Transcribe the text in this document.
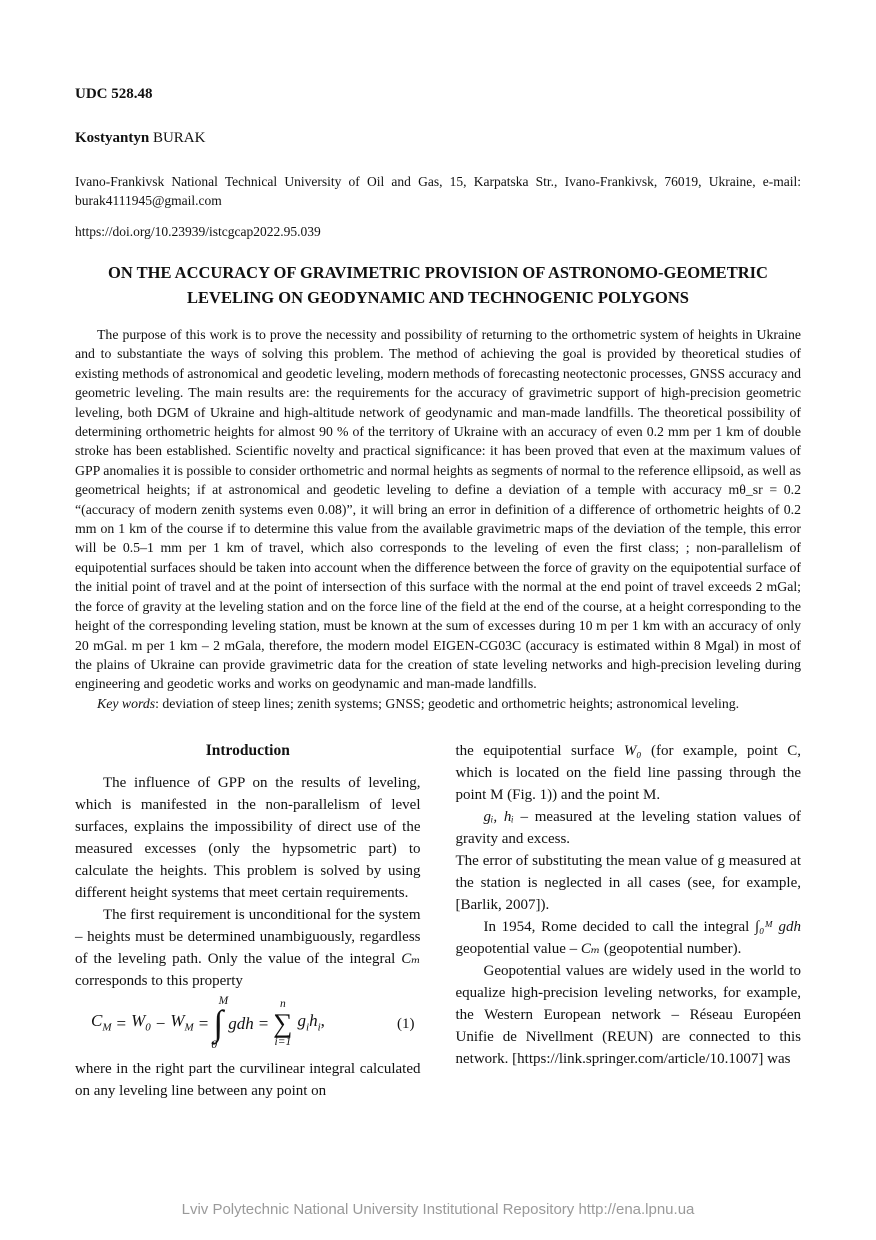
UDC 528.48
Kostyantyn BURAK

Ivano-Frankivsk National Technical University of Oil and Gas, 15, Karpatska Str., Ivano-Frankivsk, 76019, Ukraine, e-mail: burak4111945@gmail.com

https://doi.org/10.23939/istcgcap2022.95.039

ON THE ACCURACY OF GRAVIMETRIC PROVISION OF ASTRONOMO-GEOMETRIC LEVELING ON GEODYNAMIC AND TECHNOGENIC POLYGONS

The purpose of this work is to prove the necessity and possibility of returning to the orthometric system of heights in Ukraine and to substantiate the ways of solving this problem. The method of achieving the goal is provided by theoretical studies of existing methods of astronomical and geodetic leveling, modern methods of forecasting neotectonic processes, GNSS accuracy and geometric leveling. The main results are: the requirements for the accuracy of gravimetric support of high-precision geometric leveling, both DGM of Ukraine and high-altitude network of geodynamic and man-made landfills. The theoretical possibility of determining orthometric heights for almost 90 % of the territory of Ukraine with an accuracy of even 0.2 mm per 1 km of double stroke has been established. Scientific novelty and practical significance: it has been proved that even at the maximum values of GPP anomalies it is possible to consider orthometric and normal heights as segments of normal to the reference ellipsoid, as well as geometrical heights; if at astronomical and geodetic leveling to define a deviation of a temple with accuracy mθ_sr = 0.2 “(accuracy of modern zenith systems even 0.08)”, it will bring an error in definition of a difference of orthometric heights of 0.2 mm on 1 km of the course if to determine this value from the available gravimetric maps of the deviation of the temple, this error will be 0.5–1 mm per 1 km of travel, which also corresponds to the leveling of even the first class; ; non-parallelism of equipotential surfaces should be taken into account when the difference between the force of gravity on the equipotential surface of the initial point of travel and at the point of intersection of this surface with the normal at the end point of travel exceeds 2 mGal; the force of gravity at the leveling station and on the force line of the field at the end of the course, at a height corresponding to the height of the corresponding leveling station, must be known at the sum of excesses during 10 m per 1 km with an accuracy of only 20 mGal. m per 1 km – 2 mGala, therefore, the modern model EIGEN-CG03C (accuracy is estimated within 8 Mgal) in most of the plains of Ukraine can provide gravimetric data for the creation of state leveling networks and high-precision leveling during engineering and geodetic works and works on geodynamic and man-made landfills.

Key words: deviation of steep lines; zenith systems; GNSS; geodetic and orthometric heights; astronomical leveling.

Introduction

The influence of GPP on the results of leveling, which is manifested in the non-parallelism of level surfaces, explains the impossibility of direct use of the measured excesses (only the hypsometric part) to calculate the heights. This problem is solved by using different height systems that meet certain requirements.

The first requirement is unconditional for the system – heights must be determined unambiguously, regardless of the leveling path. Only the value of the integral Cₘ corresponds to this property

$C_M = W_0 - W_M$ =
M
∫
0
gdh =
n
∑
i=1
$g_ih_i$,	(1)

where in the right part the curvilinear integral calculated on any leveling line between any point on

the equipotential surface W₀ (for example, point C, which is located on the field line passing through the point M (Fig. 1)) and the point M.

gᵢ, hᵢ – measured at the leveling station values of gravity and excess.

The error of substituting the mean value of g measured at the station is neglected in all cases (see, for example, [Barlik, 2007]).

In 1954, Rome decided to call the integral ∫₀ᴹ gdh geopotential value – Cₘ (geopotential number).

Geopotential values are widely used in the world to equalize high-precision leveling networks, for example, the Western European network – Réseau Européen Unifie de Nivellment (REUN) are connected to this network. [https://link.springer.com/article/10.1007] was

Lviv Polytechnic National University Institutional Repository http://ena.lpnu.ua
